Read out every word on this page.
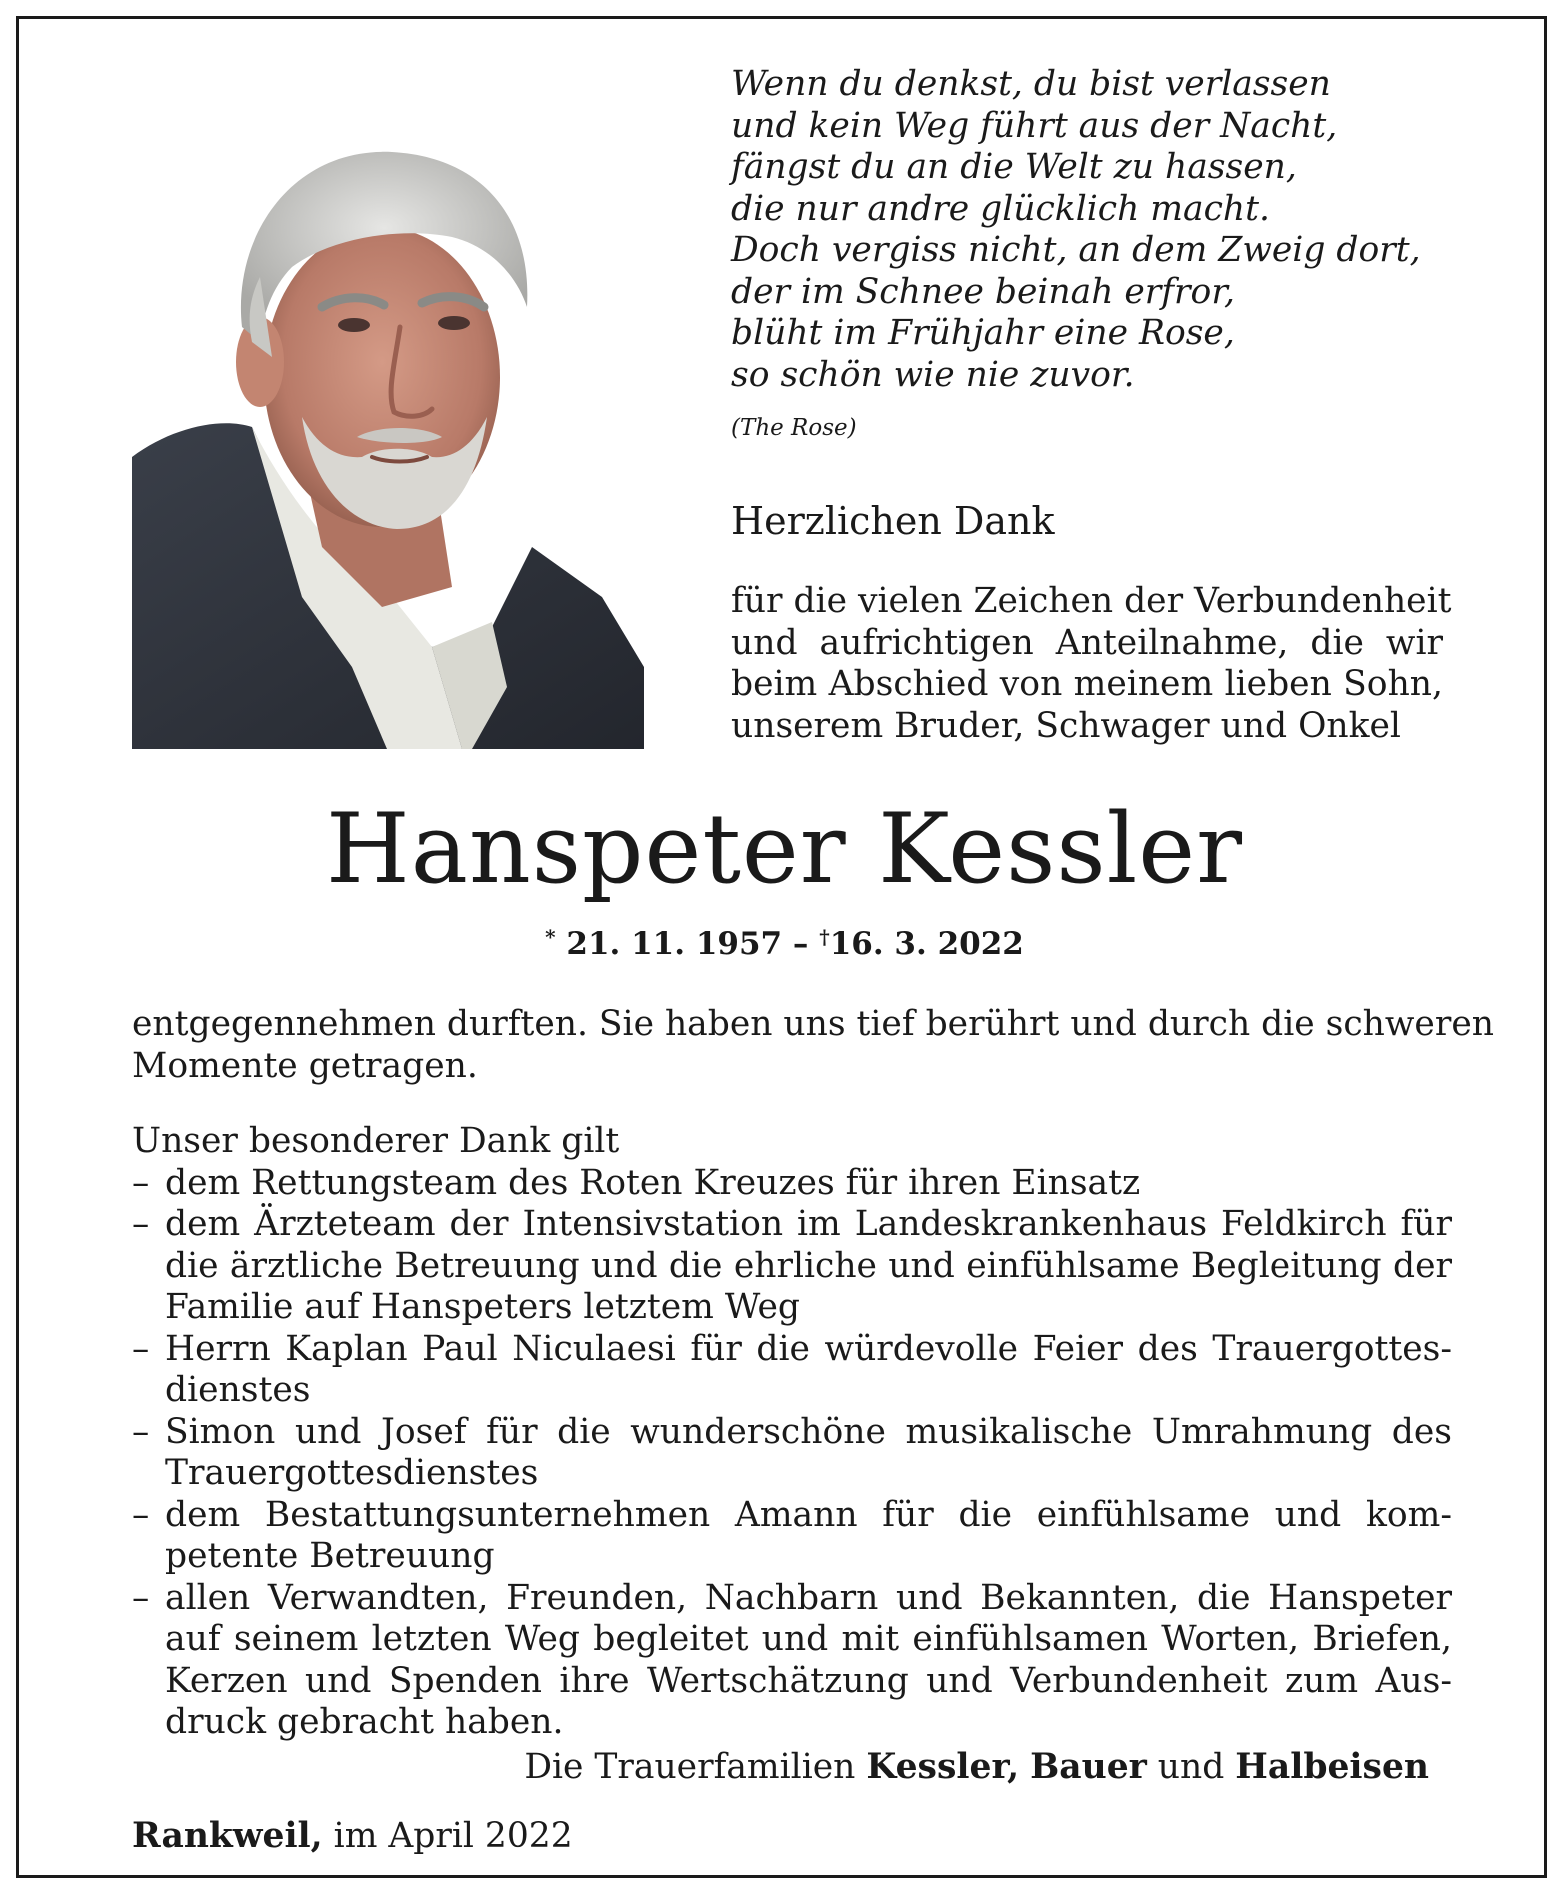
Wenn du denkst, du bist verlassen
und kein Weg führt aus der Nacht,
fängst du an die Welt zu hassen,
die nur andre glücklich macht.
Doch vergiss nicht, an dem Zweig dort,
der im Schnee beinah erfror,
blüht im Frühjahr eine Rose,
so schön wie nie zuvor.
(The Rose)
Herzlichen Dank
für die vielen Zeichen der Verbundenheit
und aufrichtigen Anteilnahme, die wir
beim Abschied von meinem lieben Sohn,
unserem Bruder, Schwager und Onkel
Hanspeter Kessler
* 21. 11. 1957 – †16. 3. 2022
entgegennehmen durften. Sie haben uns tief berührt und durch die schweren
Momente getragen.
Unser besonderer Dank gilt
– dem Rettungsteam des Roten Kreuzes für ihren Einsatz
– dem Ärzteteam der Intensivstation im Landeskrankenhaus Feldkirch für
die ärztliche Betreuung und die ehrliche und einfühlsame Begleitung der
Familie auf Hanspeters letztem Weg
– Herrn Kaplan Paul Niculaesi für die würdevolle Feier des Trauergottes-
dienstes
– Simon und Josef für die wunderschöne musikalische Umrahmung des
Trauergottesdienstes
– dem Bestattungsunternehmen Amann für die einfühlsame und kom-
petente Betreuung
– allen Verwandten, Freunden, Nachbarn und Bekannten, die Hanspeter
auf seinem letzten Weg begleitet und mit einfühlsamen Worten, Briefen,
Kerzen und Spenden ihre Wertschätzung und Verbundenheit zum Aus-
druck gebracht haben.
Die Trauerfamilien Kessler, Bauer und Halbeisen
Rankweil, im April 2022
